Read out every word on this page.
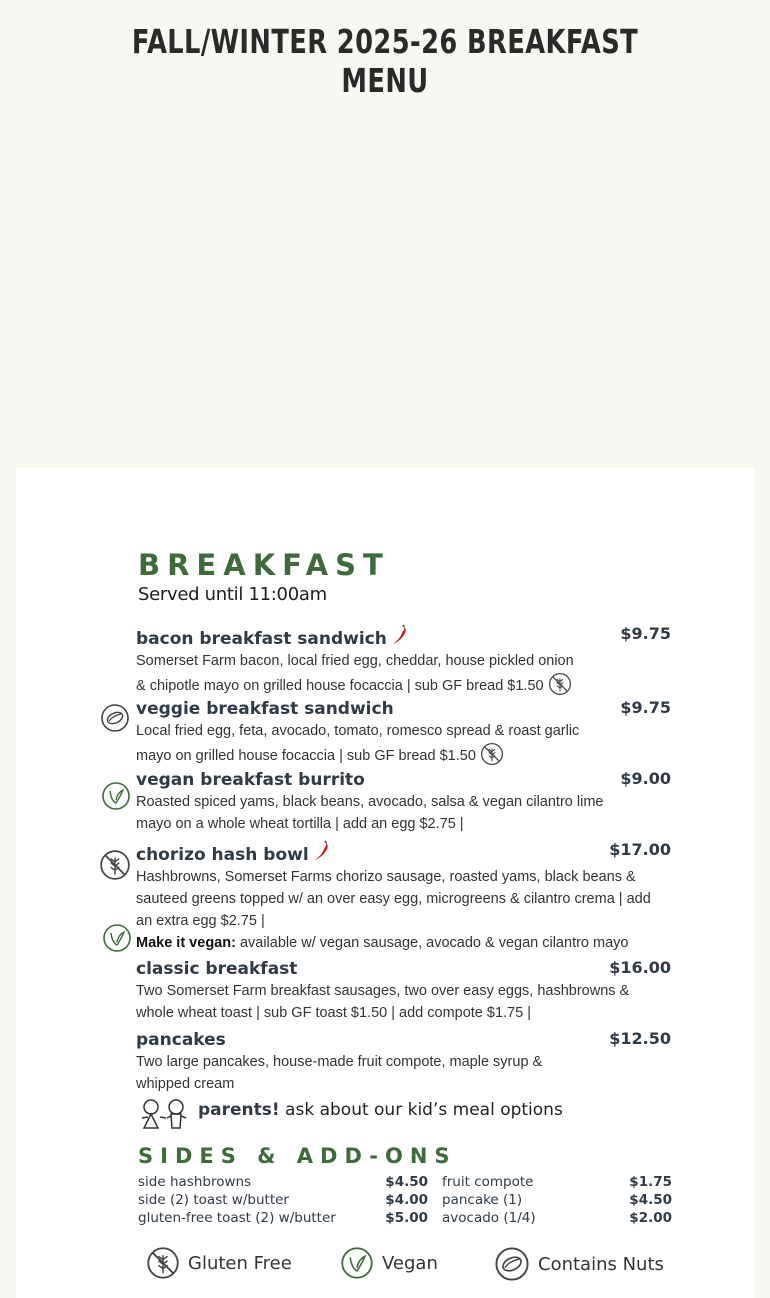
FALL/WINTER 2025-26 BREAKFAST MENU
BREAKFAST
Served until 11:00am
bacon breakfast sandwich	$9.75
Somerset Farm bacon, local fried egg, cheddar, house pickled onion & chipotle mayo on grilled house focaccia | sub GF bread $1.50
veggie breakfast sandwich	$9.75
Local fried egg, feta, avocado, tomato, romesco spread & roast garlic mayo on grilled house focaccia | sub GF bread $1.50
vegan breakfast burrito	$9.00
Roasted spiced yams, black beans, avocado, salsa & vegan cilantro lime mayo on a whole wheat tortilla | add an egg $2.75 |
chorizo hash bowl	$17.00
Hashbrowns, Somerset Farms chorizo sausage, roasted yams, black beans & sauteed greens topped w/ an over easy egg, microgreens & cilantro crema | add an extra egg $2.75 |
Make it vegan: available w/ vegan sausage, avocado & vegan cilantro mayo
classic breakfast	$16.00
Two Somerset Farm breakfast sausages, two over easy eggs, hashbrowns & whole wheat toast | sub GF toast $1.50 | add compote $1.75 |
pancakes	$12.50
Two large pancakes, house-made fruit compote, maple syrup & whipped cream
parents! ask about our kid’s meal options
SIDES & ADD-ONS
side hashbrowns	$4.50
side (2) toast w/butter	$4.00
gluten-free toast (2) w/butter	$5.00
fruit compote	$1.75
pancake (1)	$4.50
avocado (1/4)	$2.00
Gluten Free	Vegan	Contains Nuts
